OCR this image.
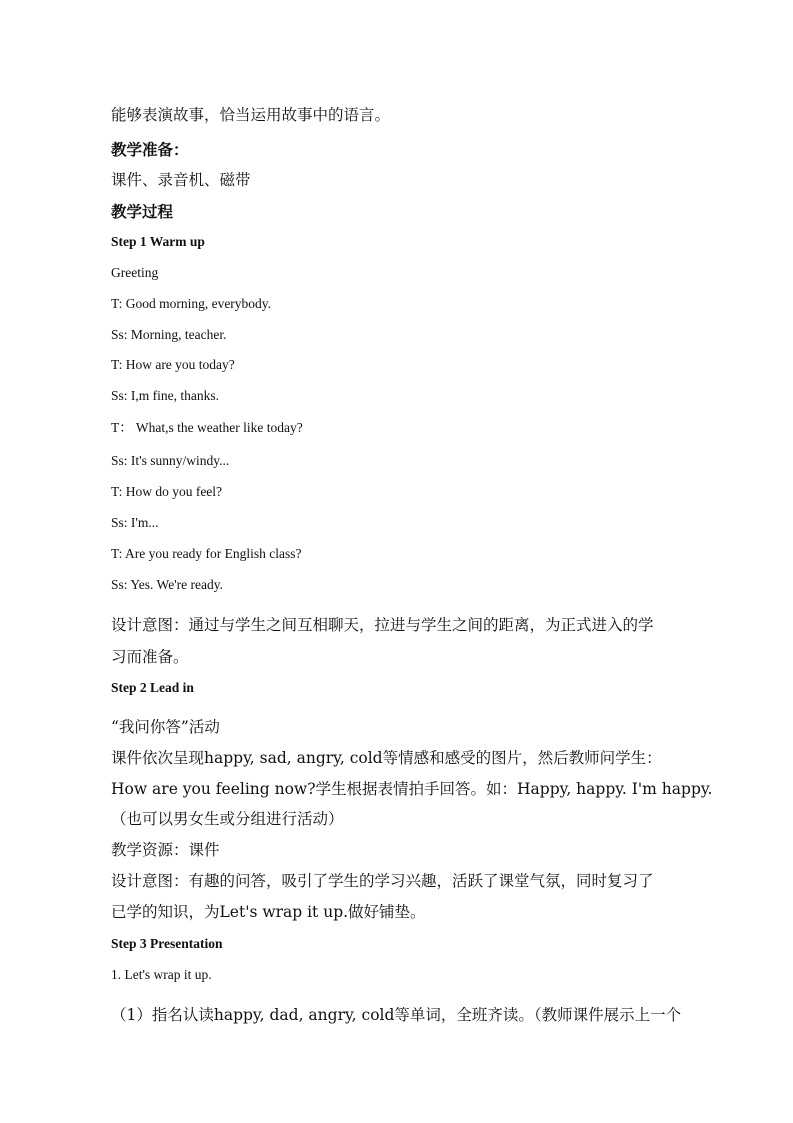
能够表演故事，恰当运用故事中的语言。
教学准备：
课件、录音机、磁带
教学过程
Step 1 Warm up
Greeting
T: Good morning, everybody.
Ss: Morning, teacher.
T: How are you today?
Ss: I,m fine, thanks.
T： What,s the weather like today?
Ss: It's sunny/windy...
T: How do you feel?
Ss: I'm...
T: Are you ready for English class?
Ss: Yes. We're ready.
设计意图：通过与学生之间互相聊天，拉进与学生之间的距离，为正式进入的学
习而准备。
Step 2 Lead in
“我问你答”活动
课件依次呈现happy, sad, angry, cold等情感和感受的图片，然后教师问学生：
How are you feeling now?学生根据表情拍手回答。如：Happy, happy. I'm happy.
（也可以男女生或分组进行活动）
教学资源：课件
设计意图：有趣的问答，吸引了学生的学习兴趣，活跃了课堂气氛，同时复习了
已学的知识，为Let's wrap it up.做好铺垫。
Step 3 Presentation
1. Let's wrap it up.
（1）指名认读happy, dad, angry, cold等单词，全班齐读。（教师课件展示上一个
